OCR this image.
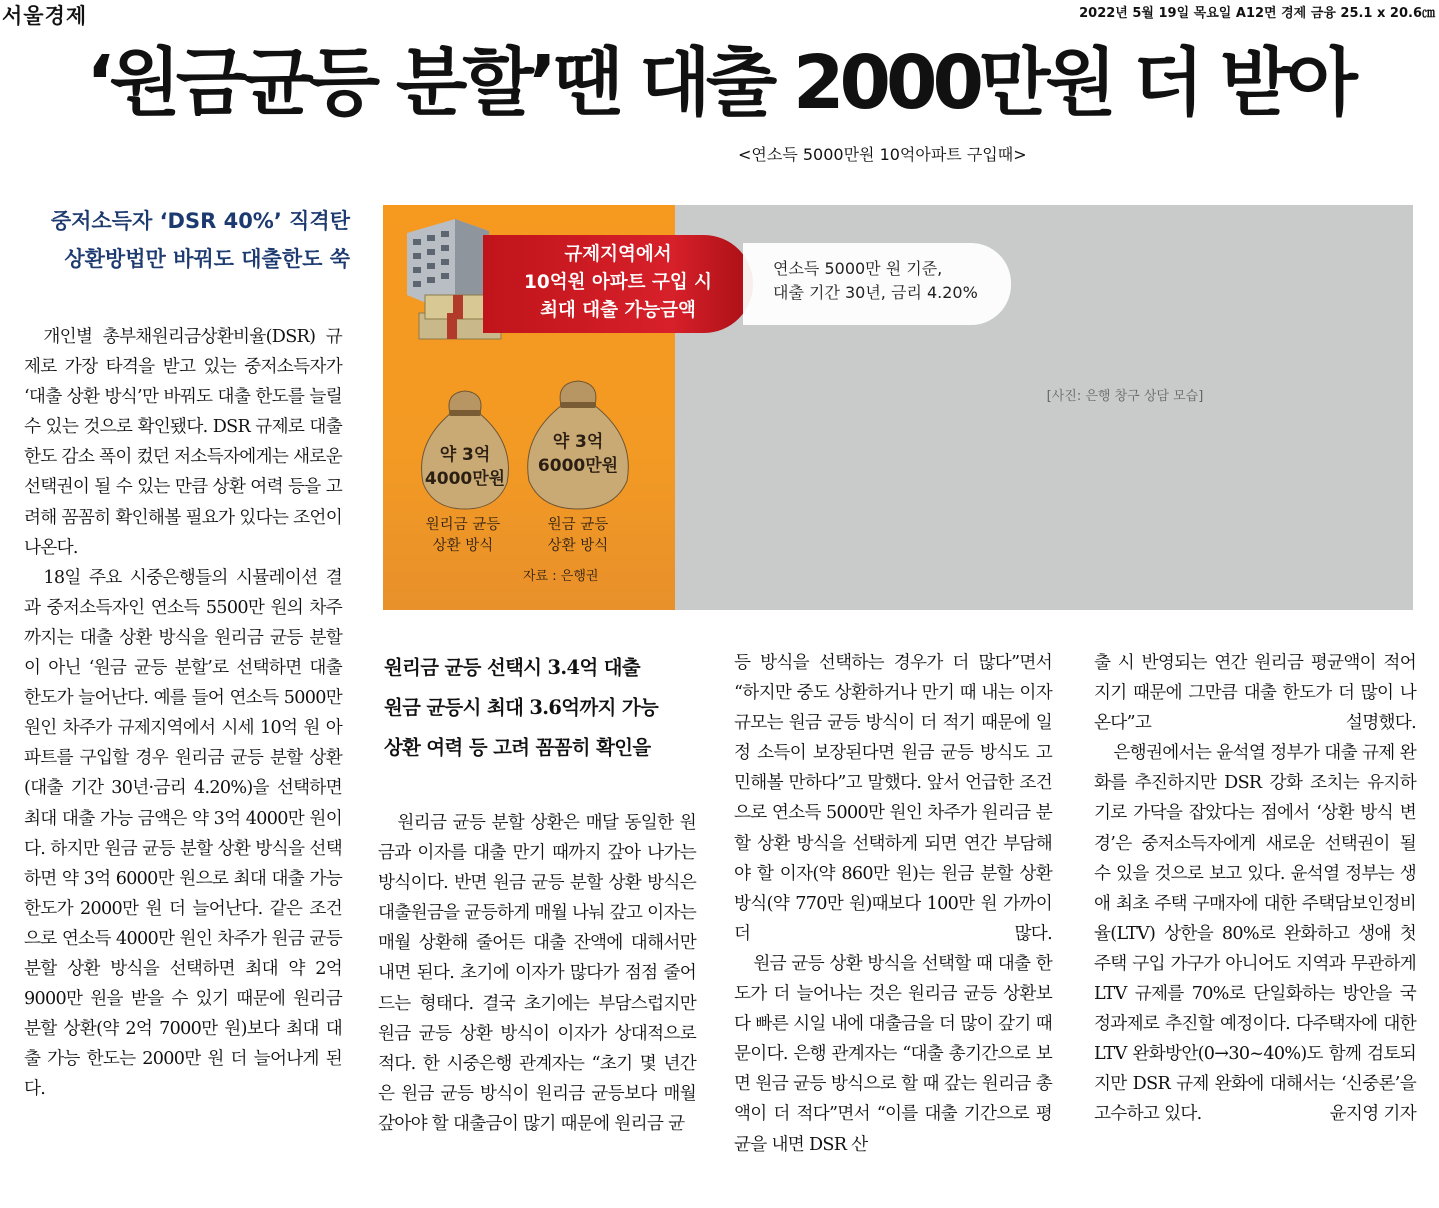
서울경제	2022년 5월 19일 목요일 A12면 경제 금융 25.1 x 20.6㎝
‘원금균등 분할’땐 대출 2000만원 더 받아
<연소득 5000만원 10억아파트 구입때>
중저소득자 ‘DSR 40%’ 직격탄
상환방법만 바꿔도 대출한도 쑥
[사진: 은행 창구 상담 모습]
규제지역에서
10억원 아파트 구입 시
최대 대출 가능금액
연소득 5000만 원 기준,
대출 기간 30년, 금리 4.20%
약 3억
4000만원
원리금 균등
상환 방식
약 3억
6000만원
원금 균등
상환 방식
자료 : 은행권

개인별 총부채원리금상환비율(DSR) 규제로 가장 타격을 받고 있는 중저소득자가 ‘대출 상환 방식’만 바꿔도 대출 한도를 늘릴 수 있는 것으로 확인됐다. DSR 규제로 대출 한도 감소 폭이 컸던 저소득자에게는 새로운 선택권이 될 수 있는 만큼 상환 여력 등을 고려해 꼼꼼히 확인해볼 필요가 있다는 조언이 나온다.

18일 주요 시중은행들의 시뮬레이션 결과 중저소득자인 연소득 5500만 원의 차주까지는 대출 상환 방식을 원리금 균등 분할이 아닌 ‘원금 균등 분할’로 선택하면 대출 한도가 늘어난다. 예를 들어 연소득 5000만 원인 차주가 규제지역에서 시세 10억 원 아파트를 구입할 경우 원리금 균등 분할 상환(대출 기간 30년·금리 4.20%)을 선택하면 최대 대출 가능 금액은 약 3억 4000만 원이다. 하지만 원금 균등 분할 상환 방식을 선택하면 약 3억 6000만 원으로 최대 대출 가능 한도가 2000만 원 더 늘어난다. 같은 조건으로 연소득 4000만 원인 차주가 원금 균등 분할 상환 방식을 선택하면 최대 약 2억 9000만 원을 받을 수 있기 때문에 원리금 분할 상환(약 2억 7000만 원)보다 최대 대출 가능 한도는 2000만 원 더 늘어나게 된다.

원리금 균등 선택시 3.4억 대출
원금 균등시 최대 3.6억까지 가능
상환 여력 등 고려 꼼꼼히 확인을

원리금 균등 분할 상환은 매달 동일한 원금과 이자를 대출 만기 때까지 갚아 나가는 방식이다. 반면 원금 균등 분할 상환 방식은 대출원금을 균등하게 매월 나눠 갚고 이자는 매월 상환해 줄어든 대출 잔액에 대해서만 내면 된다. 초기에 이자가 많다가 점점 줄어드는 형태다. 결국 초기에는 부담스럽지만 원금 균등 상환 방식이 이자가 상대적으로 적다. 한 시중은행 관계자는 “초기 몇 년간은 원금 균등 방식이 원리금 균등보다 매월 갚아야 할 대출금이 많기 때문에 원리금 균

등 방식을 선택하는 경우가 더 많다”면서 “하지만 중도 상환하거나 만기 때 내는 이자 규모는 원금 균등 방식이 더 적기 때문에 일정 소득이 보장된다면 원금 균등 방식도 고민해볼 만하다”고 말했다. 앞서 언급한 조건으로 연소득 5000만 원인 차주가 원리금 분할 상환 방식을 선택하게 되면 연간 부담해야 할 이자(약 860만 원)는 원금 분할 상환 방식(약 770만 원)때보다 100만 원 가까이 더 많다.

원금 균등 상환 방식을 선택할 때 대출 한도가 더 늘어나는 것은 원리금 균등 상환보다 빠른 시일 내에 대출금을 더 많이 갚기 때문이다. 은행 관계자는 “대출 총기간으로 보면 원금 균등 방식으로 할 때 갚는 원리금 총액이 더 적다”면서 “이를 대출 기간으로 평균을 내면 DSR 산

출 시 반영되는 연간 원리금 평균액이 적어지기 때문에 그만큼 대출 한도가 더 많이 나온다”고 설명했다.

은행권에서는 윤석열 정부가 대출 규제 완화를 추진하지만 DSR 강화 조치는 유지하기로 가닥을 잡았다는 점에서 ‘상환 방식 변경’은 중저소득자에게 새로운 선택권이 될 수 있을 것으로 보고 있다. 윤석열 정부는 생애 최초 주택 구매자에 대한 주택담보인정비율(LTV) 상한을 80%로 완화하고 생애 첫 주택 구입 가구가 아니어도 지역과 무관하게 LTV 규제를 70%로 단일화하는 방안을 국정과제로 추진할 예정이다. 다주택자에 대한 LTV 완화방안(0→30~40%)도 함께 검토되지만 DSR 규제 완화에 대해서는 ‘신중론’을 고수하고 있다.	윤지영 기자
